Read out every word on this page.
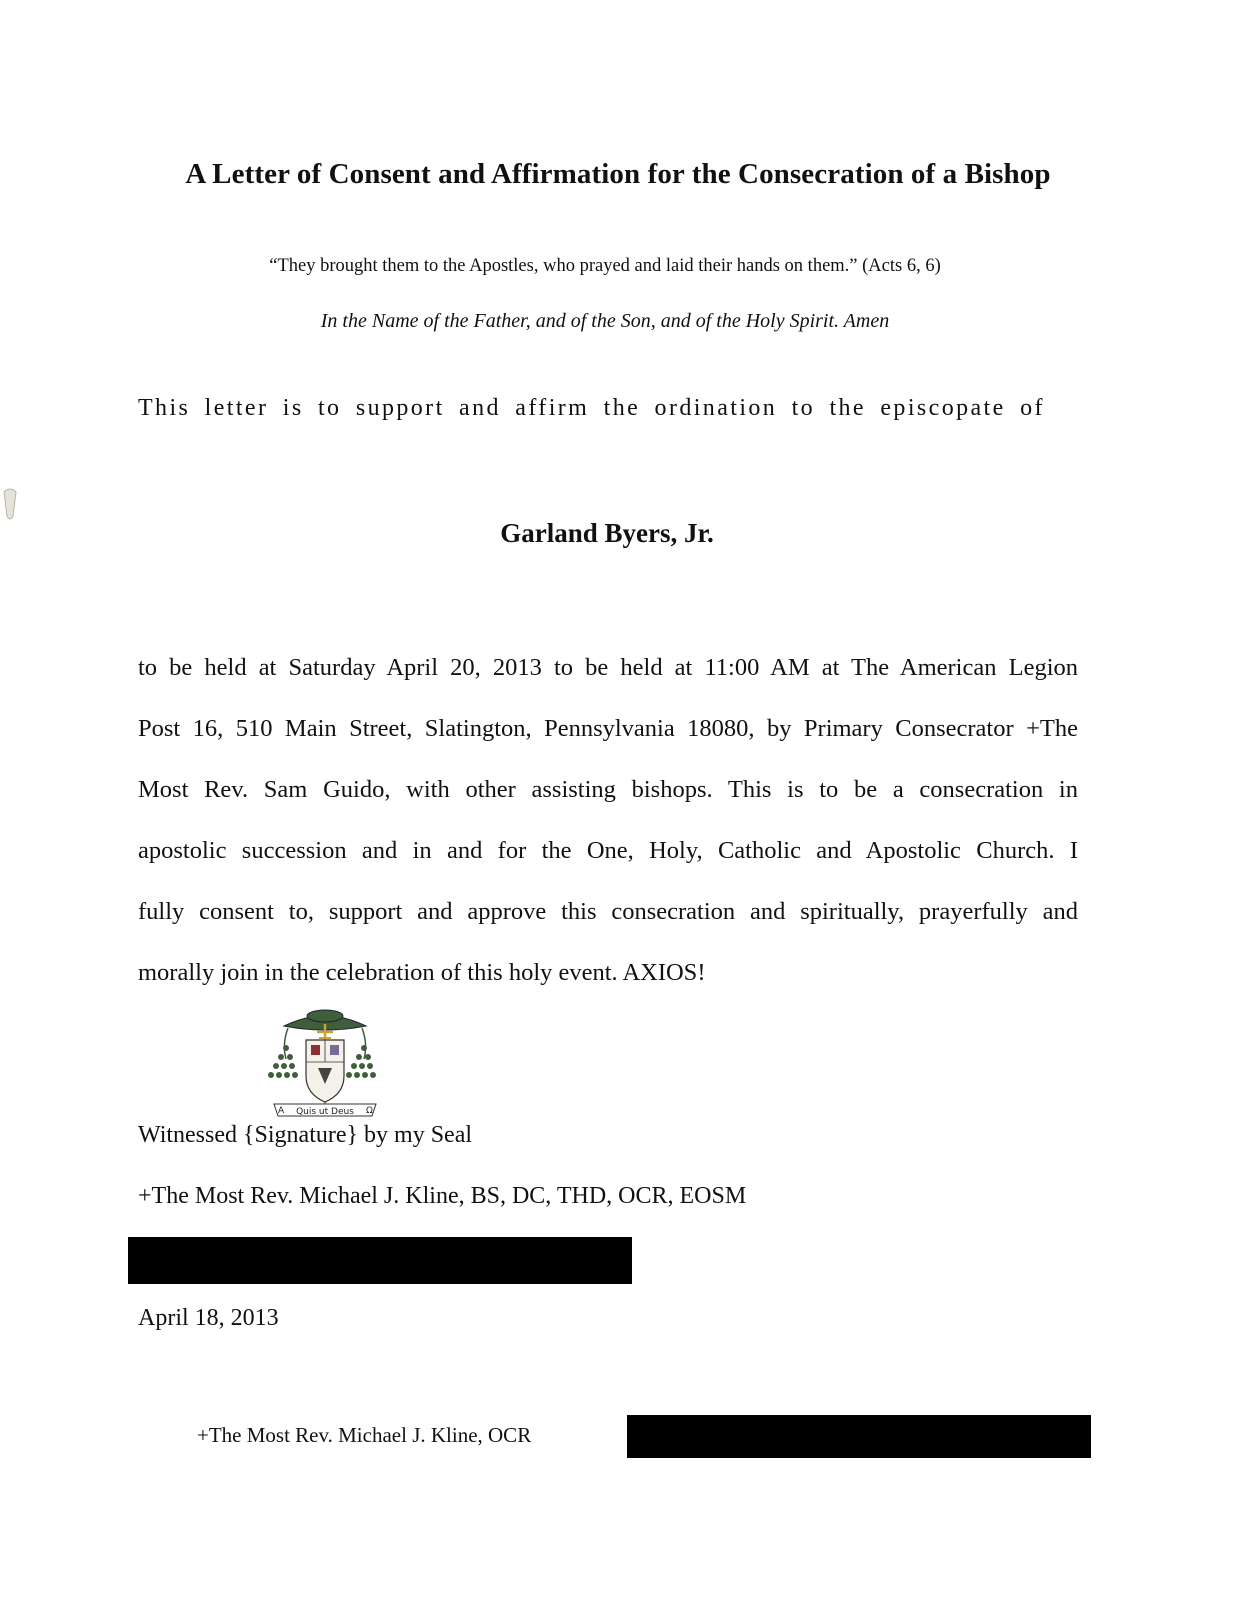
A Letter of Consent and Affirmation for the Consecration of a Bishop
“They brought them to the Apostles, who prayed and laid their hands on them.” (Acts 6, 6)
In the Name of the Father, and of the Son, and of the Holy Spirit. Amen
This letter is to support and affirm the ordination to the episcopate of
Garland Byers, Jr.
to be held at Saturday April 20, 2013 to be held at 11:00 AM at The American Legion
Post 16, 510 Main Street, Slatington, Pennsylvania 18080, by Primary Consecrator +The
Most Rev. Sam Guido, with other assisting bishops. This is to be a consecration in
apostolic succession and in and for the One, Holy, Catholic and Apostolic Church. I
fully consent to, support and approve this consecration and spiritually, prayerfully and
morally join in the celebration of this holy event. AXIOS!
A Quis ut Deus Ω
Witnessed {Signature} by my Seal
+The Most Rev. Michael J. Kline, BS, DC, THD, OCR, EOSM
April 18, 2013
+The Most Rev. Michael J. Kline, OCR
